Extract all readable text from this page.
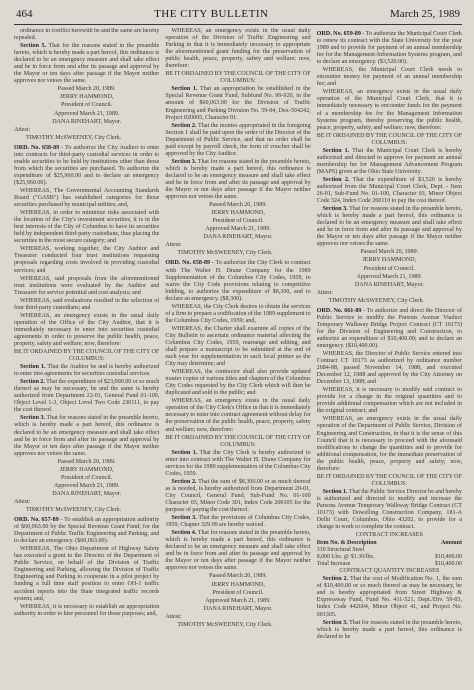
464	THE CITY BULLETIN	March 25, 1989

ordinance in conflict herewith be and the same are hereby repealed.

Section 5. That for the reasons stated in the preamble hereto, which is hereby made a part hereof, this ordinance is declared to be an emergency measure and shall take effect and be in force from and after its passage and approval by the Mayor or ten days after passage if the Mayor neither approves nor vetoes the same.

Passed March 20, 1989.

JERRY HAMMOND,

President of Council.

Approved March 21, 1989.

DANA RINEHART, Mayor.

Attest:

TIMOTHY McSWEENEY, City Clerk.

ORD. No. 658-89 - To authorize the City Auditor to enter into contracts for third-party custodial services in order to enable securities to be held by institutions other than those from which the securities are purchased. To authorize the expenditure of $25,960.00 and to declare an emergency ($25,960.00).

WHEREAS, The Governmental Accounting Standards Board ("GASB") has established categories for those securities purchased by municipal entities; and,

WHEREAS, in order to minimize risks associated with the location of the City's investment securities, it is in the best interests of the City of Columbus to have its securities held by independent third-party custodians, thus placing the securities in the most secure category; and

WHEREAS, working together, the City Auditor and Treasurer conducted four trust institutions requesting proposals regarding costs involved in providing custodial services; and

WHEREAS, said proposals from the aforementioned trust institutions were evaluated by the Auditor and Treasurer for service potential and cost analysis; and

WHEREAS, said evaluations resulted in the selection of four third-party custodians; and

WHEREAS, an emergency exists in the usual daily operation of the Office of the City Auditor, that it is immediately necessary to enter into securities custodial agreements in order to preserve the public health, peace, property, safety and welfare; now, therefore:

BE IT ORDAINED BY THE COUNCIL OF THE CITY OF COLUMBUS:

Section 1. That the Auditor be and is hereby authorized to enter into agreements for securities custodial services.

Section 2. That the expenditure of $23,000.00 or so much thereof as may be necessary, be and the same is hereby authorized from Department 22-01, General Fund 01-100, Object Level 1-3, Object Level Two Code 230111, to pay the cost thereof.

Section 3. That for reasons stated in the preamble hereto, which is hereby made a part hereof, this ordinance is declared to be an emergency measure and shall take effect and be in force from and after its passage and approval by the Mayor or ten days after passage if the Mayor neither approves nor vetoes the same.

Passed March 20, 1989.

JERRY HAMMOND,

President of Council.

Approved March 21, 1989.

DANA RINEHART, Mayor.

Attest:

TIMOTHY McSWEENEY, City Clerk.

ORD. No. 657-89 - To establish an appropriation authority of $60,063.00 by the Special Revenue Grant Fund; for the Department of Public Traffic Engineering and Parking; and to declare an emergency. ($60,063.00).

WHEREAS, The Ohio Department of Highway Safety has executed a grant to the Director of the Department of Public Service, on behalf of the Division of Traffic Engineering and Parking, allowing the Division of Traffic Engineering and Parking to cooperate in a pilot project by funding a full time staff position to enter OH-1 traffic accident reports into the State integrated traffic records system; and,

WHEREAS, it is necessary to establish an appropriation authority in order to hire personnel for those purposes; and,

WHEREAS, an emergency exists in the usual daily operation of the Division of Traffic Engineering and Parking in that it is immediately necessary to appropriate the aforementioned grant funding for the preservation of public health, peace, property, safety and welfare; now, therefore:

BE IT ORDAINED BY THE COUNCIL OF THE CITY OF COLUMBUS:

Section 1. That an appropriation be established in the Special Revenue Grant Fund, Subfund No. 99-920, in the amount of $60,063.00 for the Division of Traffic Engineering and Parking Division No. 59-04, Dex-594242, Project 020005, Character 01.

Section 2. That the monies appropriated in the foregoing Section 1 shall be paid upon the order of the Director of the Department of Public Service, and that no order shall be paid except by payroll check, the form of voucher shall be approved by the City Auditor.

Section 3. That for reasons stated in the preamble hereto, which is hereby made a part hereof, this ordinance is declared to be an emergency measure and shall take effect and be in force from and after its passage and approval by the Mayor or ten days after passage if the Mayor neither approves nor vetoes the same.

Passed March 20, 1989.

JERRY HAMMOND,

President of Council.

Approved March 21, 1989.

DANA RINEHART, Mayor.

Attest:

TIMOTHY McSWEENEY, City Clerk.

ORD. No. 658-89 - To authorize the City Clerk to contract with The Walter H. Drane Company for the 1989 Supplementation of the Columbus City Codes, 1959, to waive the City Code provisions relating to competitive bidding, to authorize the expenditure of $8,300, and to declare an emergency. ($8,300).

WHEREAS, the City Clerk desires to obtain the services of a firm to prepare a codification of the 1989 supplement to the Columbus City Codes, 1959; and,

WHEREAS, the Charter shall examine all copies of the City Bulletin to ascertain ordinance material affecting the Columbus City Codes, 1959, rearrange and editing, and shall prepare a manuscript to be submitted at the end of each year for supplementation in such local printer as the City may determine; and

WHEREAS, the contractor shall also provide updated master copies of various titles and chapters of the Columbus City Codes requested by the City Clerk which will then be duplicated and sold to the public; and

WHEREAS, an emergency exists in the usual daily operation of the City Clerk's Office in that it is immediately necessary to enter into contract agreement without delay for the preservation of the public health, peace, property, safety and welfare; now, therefore:

BE IT ORDAINED BY THE COUNCIL OF THE CITY OF COLUMBUS:

Section 1. That the City Clerk is hereby authorized to enter into contract with The Walter H. Drane Company for services for the 1989 supplementation of the Columbus City Codes, 1959.

Section 2. That the sum of $8,300.00 or as much thereof as is needed, is hereby authorized from Department 20-01, City Council, General Fund, Sub-Fund No. 01-100 Character 03, Minor Code 301, Index Code 200105 for the purpose of paying the cost thereof.

Section 3. That the provisions of Columbus City Codes, 1959, Chapter 329.09 are hereby waived.

Section 4. That for reasons stated in the preamble hereto, which is hereby made a part hereof, this ordinance is declared to be an emergency measure and shall take effect and be in force from and after its passage and approval by the Mayor or ten days after passage if the Mayor neither approves nor vetoes the same.

Passed March 20, 1989.

JERRY HAMMOND,

President of Council.

Approved March 21, 1989.

DANA RINEHART, Mayor.

Attest:

TIMOTHY McSWEENEY, City Clerk.

ORD. No. 659-89 - To authorize the Municipal Court Clerk to renew its contract with the State University for the year 1989 and to provide for payment of an annual membership fee for the Management-Information Systems program, and to declare an emergency. ($3,520.00).

WHEREAS, the Municipal Court Clerk needs to encounter money for payment of an annual membership fee; and

WHEREAS, an emergency exists in the usual daily operation of the Municipal Court Clerk, that it is immediately necessary to encounter funds for the payment of a membership fee for the Management Information Systems program, thereby preserving the public health, peace, property, safety, and welfare; now, therefore:

BE IT ORDAINED BY THE COUNCIL OF THE CITY OF COLUMBUS:

Section 1. That the Municipal Court Clerk is hereby authorized and directed to approve for payment an annual membership fee for Management Advancement Program (MAPS) given at the Ohio State University.

Section 2. That the expenditure of $3,520 is hereby authorized from the Municipal Court Clerk, Dept. - Item 26-01, Sub-Fund No. 01-100, Character 03, Minor Object Code 324, Index Code 260110 to pay the cost thereof.

Section 3. That for reasons stated in the preamble hereto, which is hereby made a part hereof, this ordinance is declared to be an emergency measure and shall take effect and be in force from and after its passage and approval by the Mayor or ten days after passage if the Mayor neither approves nor vetoes the same.

Passed March 20, 1989.

JERRY HAMMOND,

President of Council.

Approved March 21, 1989.

DANA RINEHART, Mayor.

Attest:

TIMOTHY McSWEENEY, City Clerk.

ORD. No. 661-89 - To authorize and direct the Director of Public Service to modify the Parsons Avenue Viaduct Temporary Walkway Bridge Project Contract (CT 10173) for the Division of Engineering and Construction, to authorize an expenditure of $10,400.00; and to declare an emergency. ($10,400.00).

WHEREAS, the Director of Public Service entered into Contract CT 10173 as authorized by ordinance number 2684-88, passed November 14, 1988, and executed December 12, 1988 and approved by the City Attorney on December 13, 1988; and

WHEREAS, it is necessary to modify said contract to provide for a change in the original quantities and to provide additional compensation which are not included in the original contract; and

WHEREAS, an emergency exists in the usual daily operation of the Department of Public Service, Division of Engineering and Construction, in that it is the sense of this Council that it is necessary to proceed with the aforesaid modifications to change the quantities and to provide for additional compensation, for the immediate preservation of the public health, peace, property and safety; now, therefore:

BE IT ORDAINED BY THE COUNCIL OF THE CITY OF COLUMBUS:

Section 1. That the Public Service Director be and hereby is authorized and directed to modify and increase the Parsons Avenue Temporary Walkway Bridge Contract (CT 10173) with Dowelling Construction Company, 181-A Delhi Court, Columbus, Ohio 43202, to provide for a change in work to complete the contract.

CONTRACT INCREASES

Item No. & Description	Amount
310 Structural Steel
8,000 Lbs. @ $1.30/lbs.	$10,400.00
Total Increase	$10,400.00

CONTRACT QUANTITY INCREASES

Section 2. That the cost of Modification No. 1, the sum of $10,400.00 or so much thereof as may be necessary, be and is hereby appropriated from Street Highway & Expressway Fund, Fund No. 411-521, Dept./Div. 59-03, Index Code 442604, Minor Object 41, and Project No. 001305.

Section 3. That for reasons stated in the preamble hereto, which is hereby made a part hereof, this ordinance is declared to be
